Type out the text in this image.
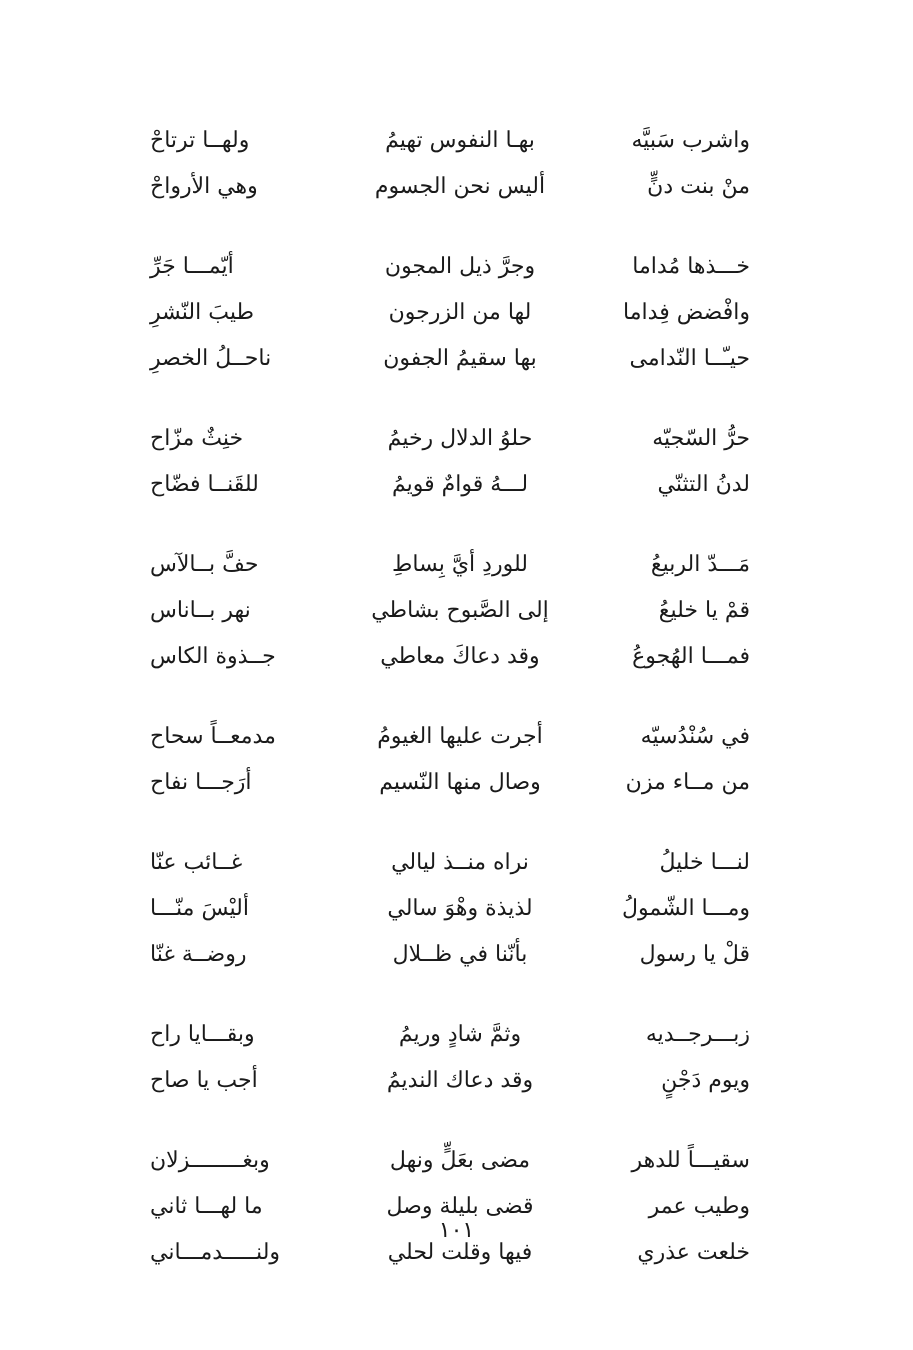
واشرب سَبيَّه
بهـا النفوس تهيمُ
ولهــا ترتاحْ
منْ بنت دنٍّ
أليس نحن الجسوم
وهي الأرواحْ
خـــذها مُداما
وجرَّ ذيل المجون
أيّمـــا جَرِّ
وافْضض فِداما
لها من الزرجون
طيبَ النّشرِ
حيـّــا النّدامى
بها سقيمُ الجفون
ناحــلُ الخصرِ
حرُّ السّجيّه
حلوُ الدلال رخيمُ
خنِثٌ مزّاح
لدنُ التثنّي
لـــهُ قوامٌ قويمُ
للقَنــا فضّاح
مَـــدّ الربيعُ
للوردِ أيَّ بِساطِ
حفَّ بــالآس
قمْ يا خليعُ
إلى الصَّبوح بشاطي
نهر بــاناس
فمـــا الهُجوعُ
وقد دعاكَ معاطي
جــذوة الكاس
في سُنْدُسيّه
أجرت عليها الغيومُ
مدمعــاً سحاح
من مــاء مزن
وصال منها النّسيم
أرَجـــا نفاح
لنـــا خليلُ
نراه منــذ ليالي
غــائب عنّا
ومـــا الشّمولُ
لذيذة وهْوَ سالي
أليْسَ منّـــا
قلْ يا رسول
بأنّنا في ظــلال
روضــة غنّا
زبـــرجــديه
وثمَّ شادٍ وريمُ
وبقـــايا راح
ويوم دَجْنٍ
وقد دعاك النديمُ
أجب يا صاح
سقيـــاً للدهر
مضى بعَلٍّ ونهل
وبغــــــــزلان
وطيب عمر
قضى بليلة وصل
ما لهـــا ثاني
خلعت عذري
فيها وقلت لحلي
ولنـــــدمـــاني
١٠١
